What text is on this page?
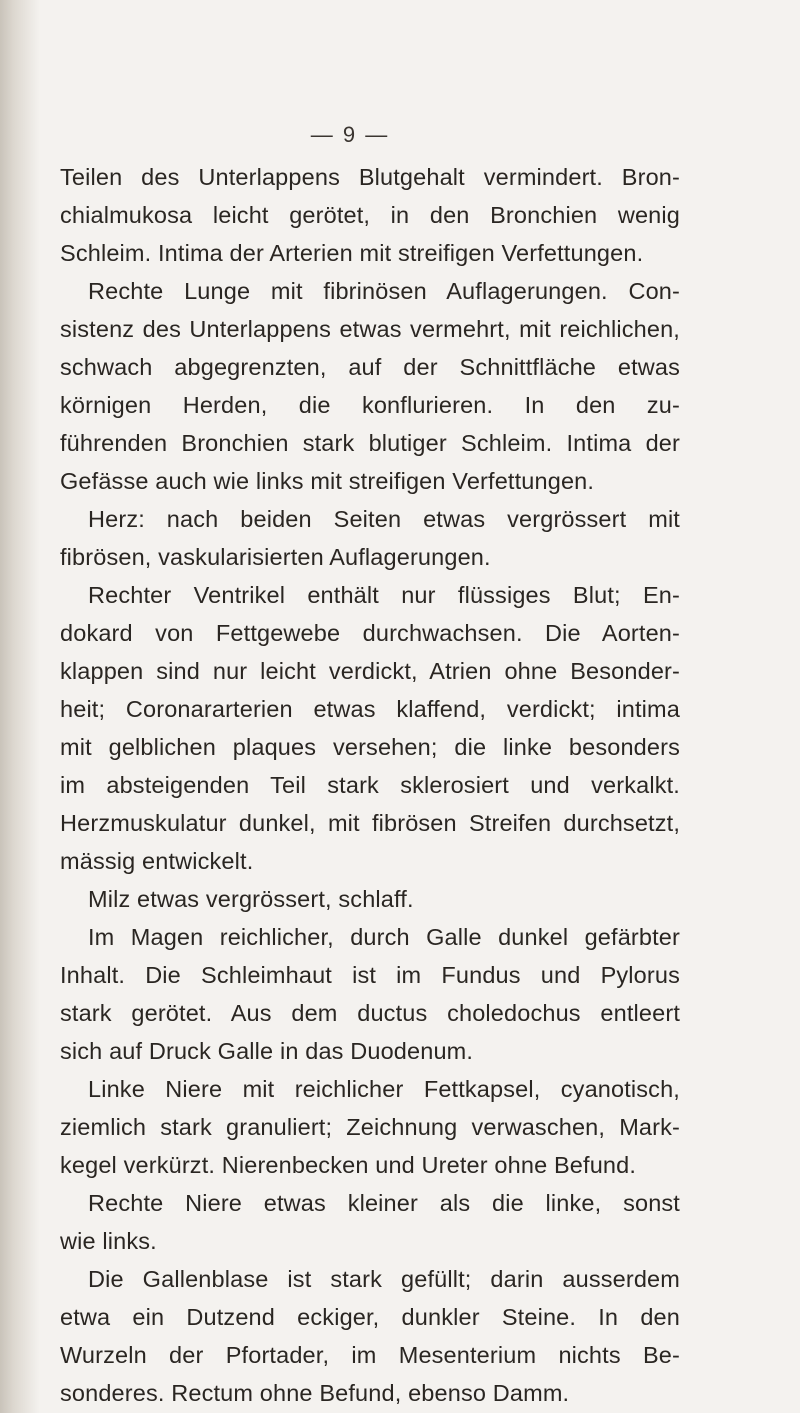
— 9 —
Teilen des Unterlappens Blutgehalt vermindert. Bron-
chialmukosa leicht gerötet, in den Bronchien wenig
Schleim. Intima der Arterien mit streifigen Verfettungen.
Rechte Lunge mit fibrinösen Auflagerungen. Con-
sistenz des Unterlappens etwas vermehrt, mit reichlichen,
schwach abgegrenzten, auf der Schnittfläche etwas
körnigen Herden, die konflurieren. In den zu-
führenden Bronchien stark blutiger Schleim. Intima der
Gefässe auch wie links mit streifigen Verfettungen.
Herz: nach beiden Seiten etwas vergrössert mit
fibrösen, vaskularisierten Auflagerungen.
Rechter Ventrikel enthält nur flüssiges Blut; En-
dokard von Fettgewebe durchwachsen. Die Aorten-
klappen sind nur leicht verdickt, Atrien ohne Besonder-
heit; Coronararterien etwas klaffend, verdickt; intima
mit gelblichen plaques versehen; die linke besonders
im absteigenden Teil stark sklerosiert und verkalkt.
Herzmuskulatur dunkel, mit fibrösen Streifen durchsetzt,
mässig entwickelt.
Milz etwas vergrössert, schlaff.
Im Magen reichlicher, durch Galle dunkel gefärbter
Inhalt. Die Schleimhaut ist im Fundus und Pylorus
stark gerötet. Aus dem ductus choledochus entleert
sich auf Druck Galle in das Duodenum.
Linke Niere mit reichlicher Fettkapsel, cyanotisch,
ziemlich stark granuliert; Zeichnung verwaschen, Mark-
kegel verkürzt. Nierenbecken und Ureter ohne Befund.
Rechte Niere etwas kleiner als die linke, sonst
wie links.
Die Gallenblase ist stark gefüllt; darin ausserdem
etwa ein Dutzend eckiger, dunkler Steine. In den
Wurzeln der Pfortader, im Mesenterium nichts Be-
sonderes. Rectum ohne Befund, ebenso Damm.
